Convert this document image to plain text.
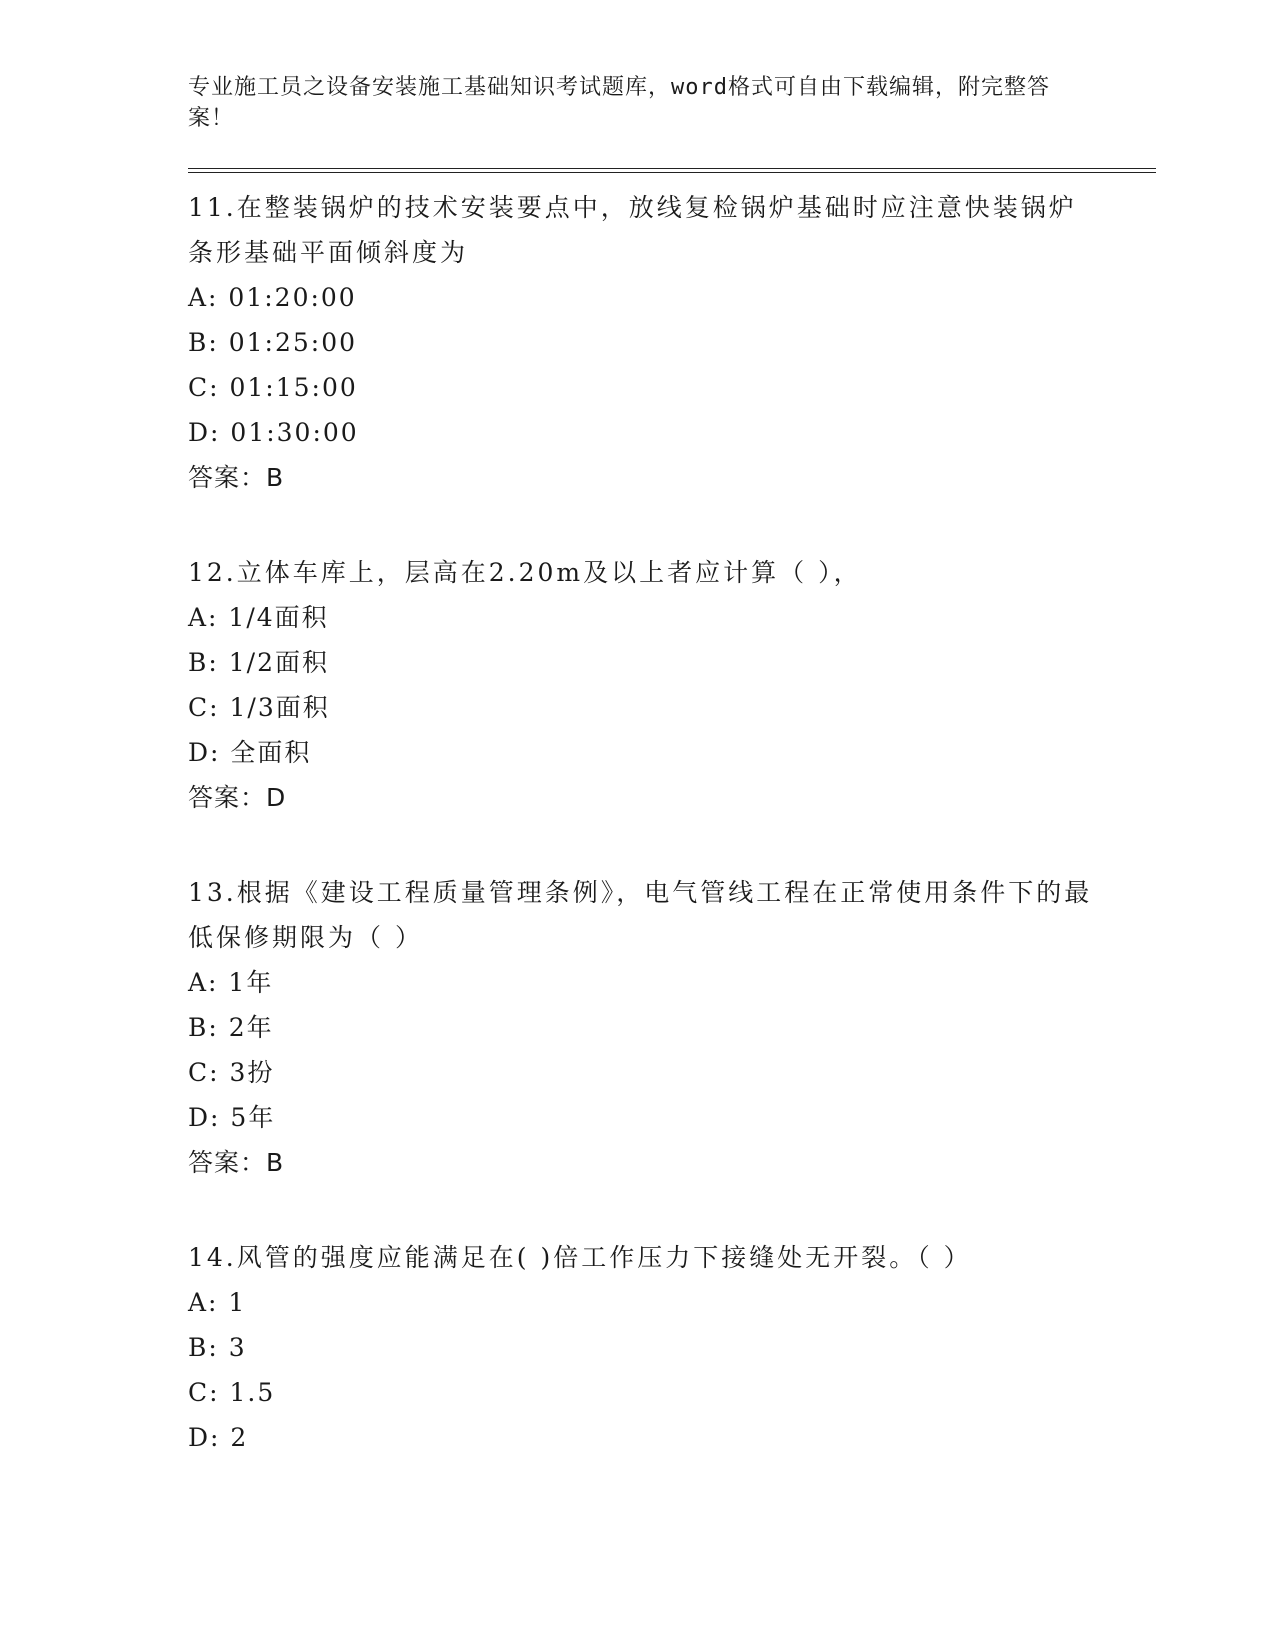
专业施工员之设备安装施工基础知识考试题库，word格式可自由下载编辑，附完整答案！

11.在整装锅炉的技术安装要点中，放线复检锅炉基础时应注意快装锅炉条形基础平面倾斜度为
A: 01:20:00
B: 01:25:00
C: 01:15:00
D: 01:30:00
答案：B
12.立体车库上，层高在2.20m及以上者应计算（ ），
A: 1/4面积
B: 1/2面积
C: 1/3面积
D: 全面积
答案：D
13.根据《建设工程质量管理条例》，电气管线工程在正常使用条件下的最低保修期限为（ ）
A: 1年
B: 2年
C: 3扮
D: 5年
答案：B
14.风管的强度应能满足在( )倍工作压力下接缝处无开裂。（ ）
A: 1
B: 3
C: 1.5
D: 2
